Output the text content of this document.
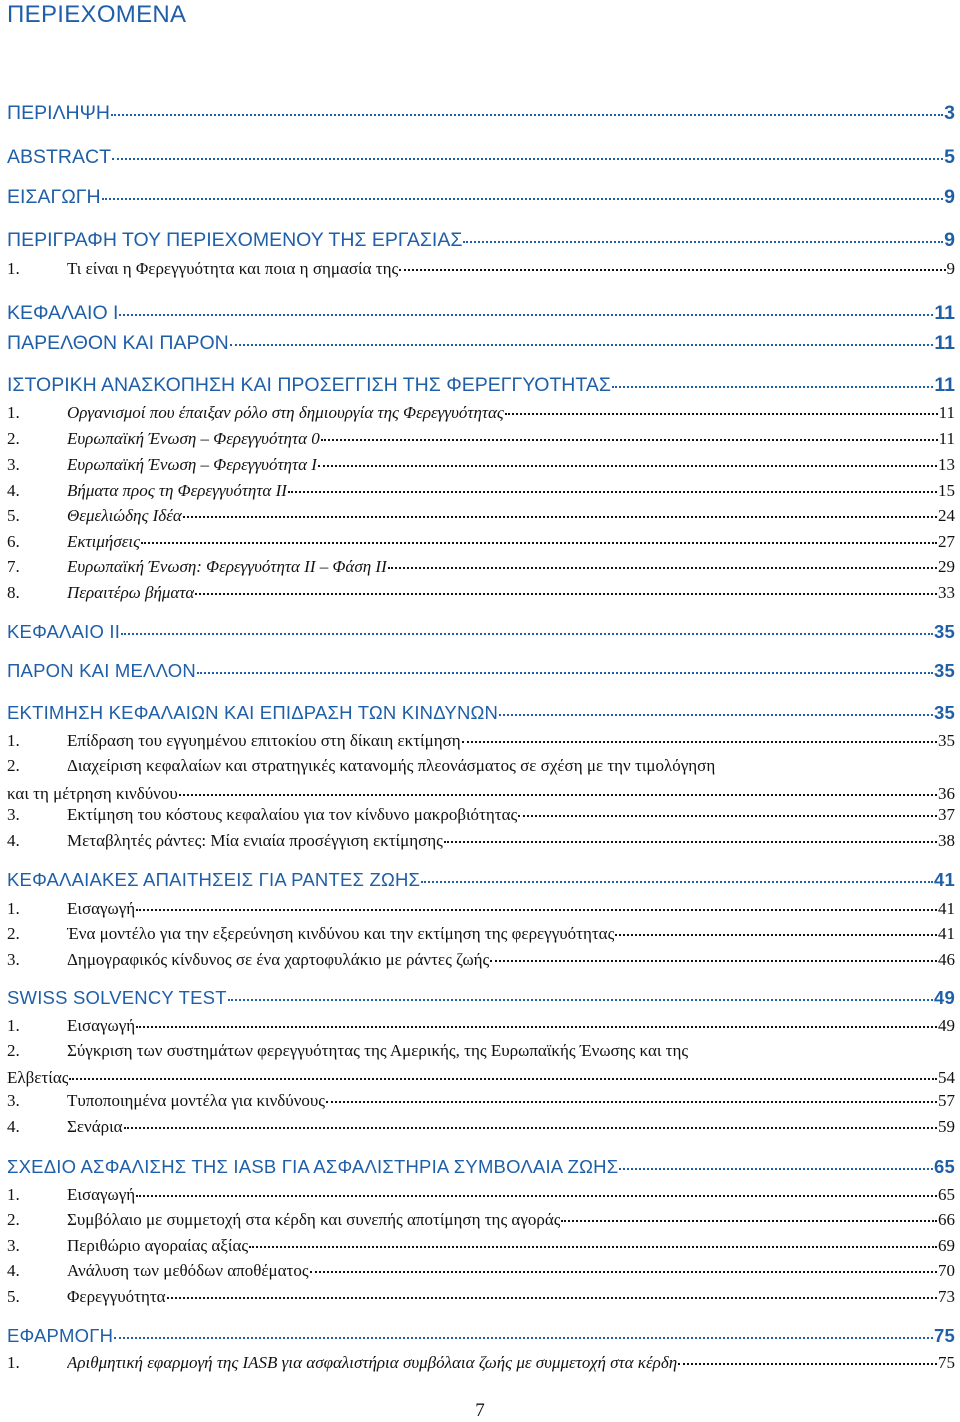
ΠΕΡΙΕΧΟΜΕΝΑ
ΠΕΡΙΛΗΨΗ	3
ABSTRACT	5
ΕΙΣΑΓΩΓΗ	9
ΠΕΡΙΓΡΑΦΗ ΤΟΥ ΠΕΡΙΕΧΟΜΕΝΟΥ ΤΗΣ ΕΡΓΑΣΙΑΣ	9
1.	Τι είναι η Φερεγγυότητα και ποια η σημασία της	9
ΚΕΦΑΛΑΙΟ Ι	11
ΠΑΡΕΛΘΟΝ ΚΑΙ ΠΑΡΟΝ	11
ΙΣΤΟΡΙΚΗ ΑΝΑΣΚΟΠΗΣΗ ΚΑΙ ΠΡΟΣΕΓΓΙΣΗ ΤΗΣ ΦΕΡΕΓΓΥΟΤΗΤΑΣ	11
1.	Οργανισμοί που έπαιξαν ρόλο στη δημιουργία της Φερεγγυότητας	11
2.	Ευρωπαϊκή Ένωση – Φερεγγυότητα 0	11
3.	Ευρωπαϊκή Ένωση – Φερεγγυότητα Ι	13
4.	Βήματα προς τη Φερεγγυότητα ΙΙ	15
5.	Θεμελιώδης Ιδέα	24
6.	Εκτιμήσεις	27
7.	Ευρωπαϊκή Ένωση: Φερεγγυότητα ΙΙ – Φάση ΙΙ	29
8.	Περαιτέρω βήματα	33
ΚΕΦΑΛΑΙΟ ΙΙ	35
ΠΑΡΟΝ ΚΑΙ ΜΕΛΛΟΝ	35
ΕΚΤΙΜΗΣΗ ΚΕΦΑΛΑΙΩΝ ΚΑΙ ΕΠΙΔΡΑΣΗ ΤΩΝ ΚΙΝΔΥΝΩΝ	35
1.	Επίδραση του εγγυημένου επιτοκίου στη δίκαιη εκτίμηση	35
2.	Διαχείριση κεφαλαίων και στρατηγικές κατανομής πλεονάσματος σε σχέση με την τιμολόγηση
και τη μέτρηση κινδύνου	36
3.	Εκτίμηση του κόστους κεφαλαίου για τον κίνδυνο μακροβιότητας	37
4.	Μεταβλητές ράντες: Μία ενιαία προσέγγιση εκτίμησης	38
ΚΕΦΑΛΑΙΑΚΕΣ ΑΠΑΙΤΗΣΕΙΣ ΓΙΑ ΡΑΝΤΕΣ ΖΩΗΣ	41
1.	Εισαγωγή	41
2.	Ένα μοντέλο για την εξερεύνηση κινδύνου και την εκτίμηση της φερεγγυότητας	41
3.	Δημογραφικός κίνδυνος σε ένα χαρτοφυλάκιο με ράντες ζωής	46
SWISS SOLVENCY TEST	49
1.	Εισαγωγή	49
2.	Σύγκριση των συστημάτων φερεγγυότητας της Αμερικής, της Ευρωπαϊκής Ένωσης και της
Ελβετίας	54
3.	Τυποποιημένα μοντέλα για κινδύνους	57
4.	Σενάρια	59
ΣΧΕΔΙΟ ΑΣΦΑΛΙΣΗΣ ΤΗΣ IASB ΓΙΑ ΑΣΦΑΛΙΣΤΗΡΙΑ ΣΥΜΒΟΛΑΙΑ ΖΩΗΣ	65
1.	Εισαγωγή	65
2.	Συμβόλαιο με συμμετοχή στα κέρδη και συνεπής αποτίμηση της αγοράς	66
3.	Περιθώριο αγοραίας αξίας	69
4.	Ανάλυση των μεθόδων αποθέματος	70
5.	Φερεγγυότητα	73
ΕΦΑΡΜΟΓΗ	75
1.	Αριθμητική εφαρμογή της IASB για ασφαλιστήρια συμβόλαια ζωής με συμμετοχή στα κέρδη	75
7
